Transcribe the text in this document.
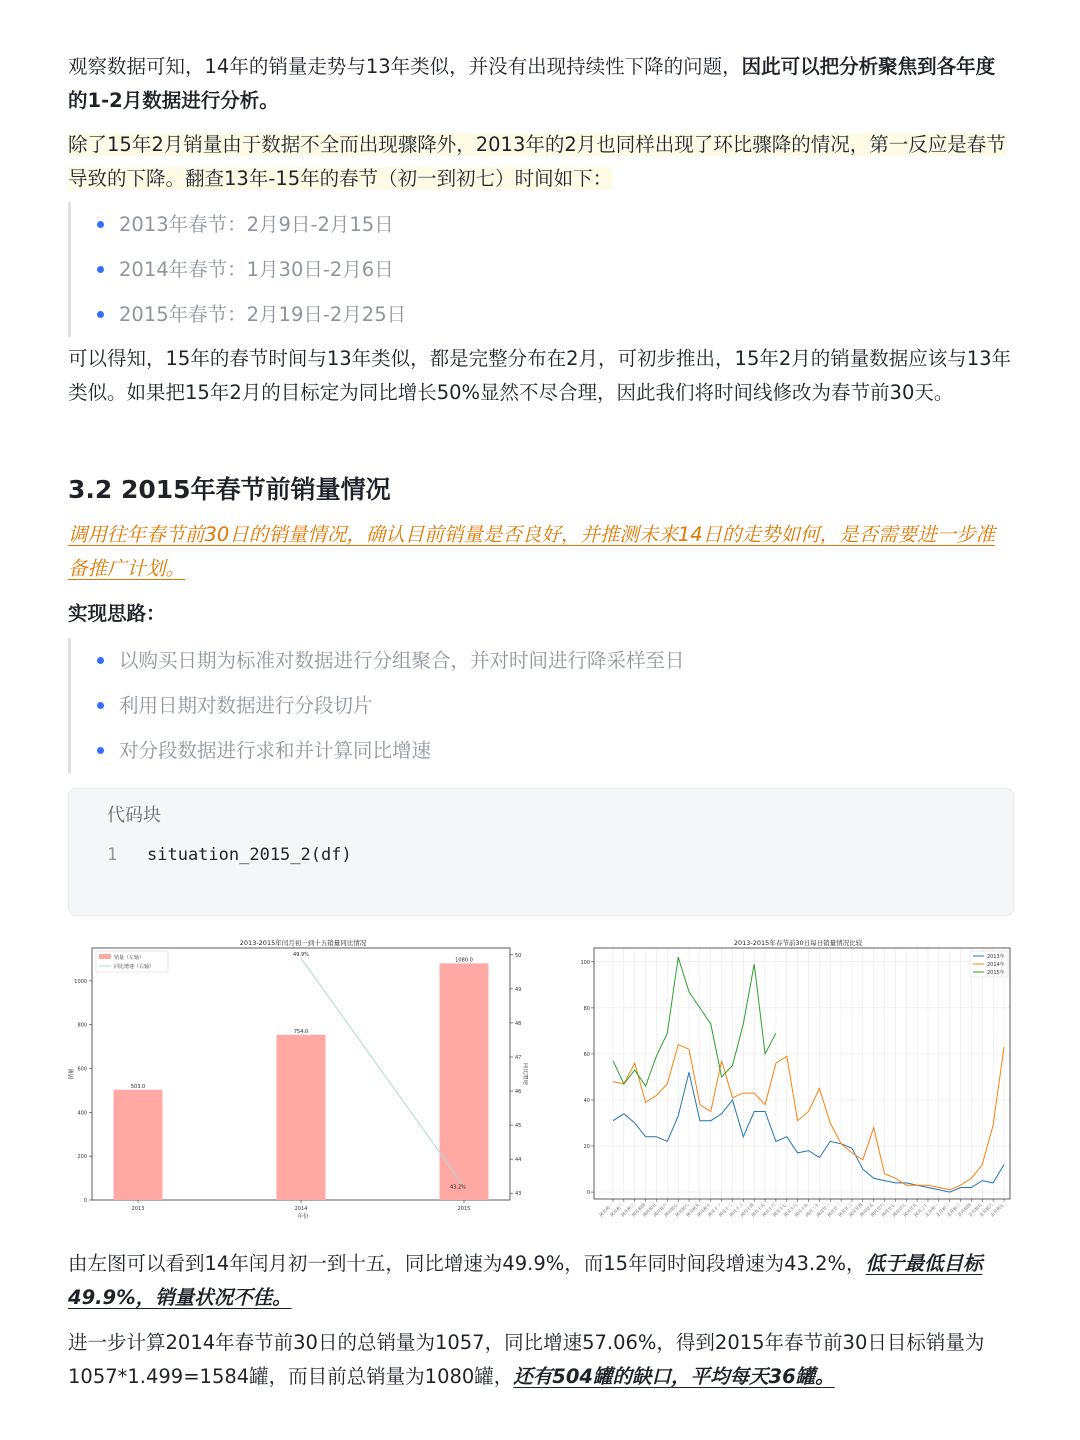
观察数据可知，14年的销量走势与13年类似，并没有出现持续性下降的问题，因此可以把分析聚焦到各年度的1-2月数据进行分析。

除了15年2月销量由于数据不全而出现骤降外，2013年的2月也同样出现了环比骤降的情况，第一反应是春节导致的下降。翻查13年-15年的春节（初一到初七）时间如下：

2013年春节：2月9日-2月15日
2014年春节：1月30日-2月6日
2015年春节：2月19日-2月25日

可以得知，15年的春节时间与13年类似，都是完整分布在2月，可初步推出，15年2月的销量数据应该与13年类似。如果把15年2月的目标定为同比增长50%显然不尽合理，因此我们将时间线修改为春节前30天。

3.2 2015年春节前销量情况

调用往年春节前30日的销量情况，确认目前销量是否良好，并推测未来14日的走势如何，是否需要进一步准备推广计划。

实现思路：

以购买日期为标准对数据进行分组聚合，并对时间进行降采样至日
利用日期对数据进行分段切片
对分段数据进行求和并计算同比增速
代码块
1 situation_2015_2(df)
2013-2015年闰月初一到十五销量同比情况
503.0
754.0
1080.0
49.9%
43.2%
2013	2014	2015
0
200
400
600
800
1000
43
44
45
46
47
48
49
50
销量（左轴）
同比增速（右轴）
年份
销量	同比增速
2013-2015年春节前30日每日销量情况比较
闰月初一
闰月初二
闰月初三
闰月初四
闰月初五
闰月初六
闰月初七
闰月初八
闰月初九
闰月初十
闰月十一
闰月十二
闰月十三
闰月十四
闰月十五
闰月十六
闰月十七
闰月十八
闰月十九
闰月二十
闰月廿一
闰月廿二
闰月廿三
闰月廿四
闰月廿五
闰月廿六
闰月廿七
闰月廿八
闰月廿九
闰月三十
正月初一
正月初二
正月初三
正月初四
正月初五
正月初六
正月初七
0
20
40
60
80
100
2013年
2014年
2015年

由左图可以看到14年闰月初一到十五，同比增速为49.9%，而15年同时间段增速为43.2%，低于最低目标49.9%，销量状况不佳。

进一步计算2014年春节前30日的总销量为1057，同比增速57.06%，得到2015年春节前30日目标销量为1057*1.499=1584罐，而目前总销量为1080罐，还有504罐的缺口，平均每天36罐。
